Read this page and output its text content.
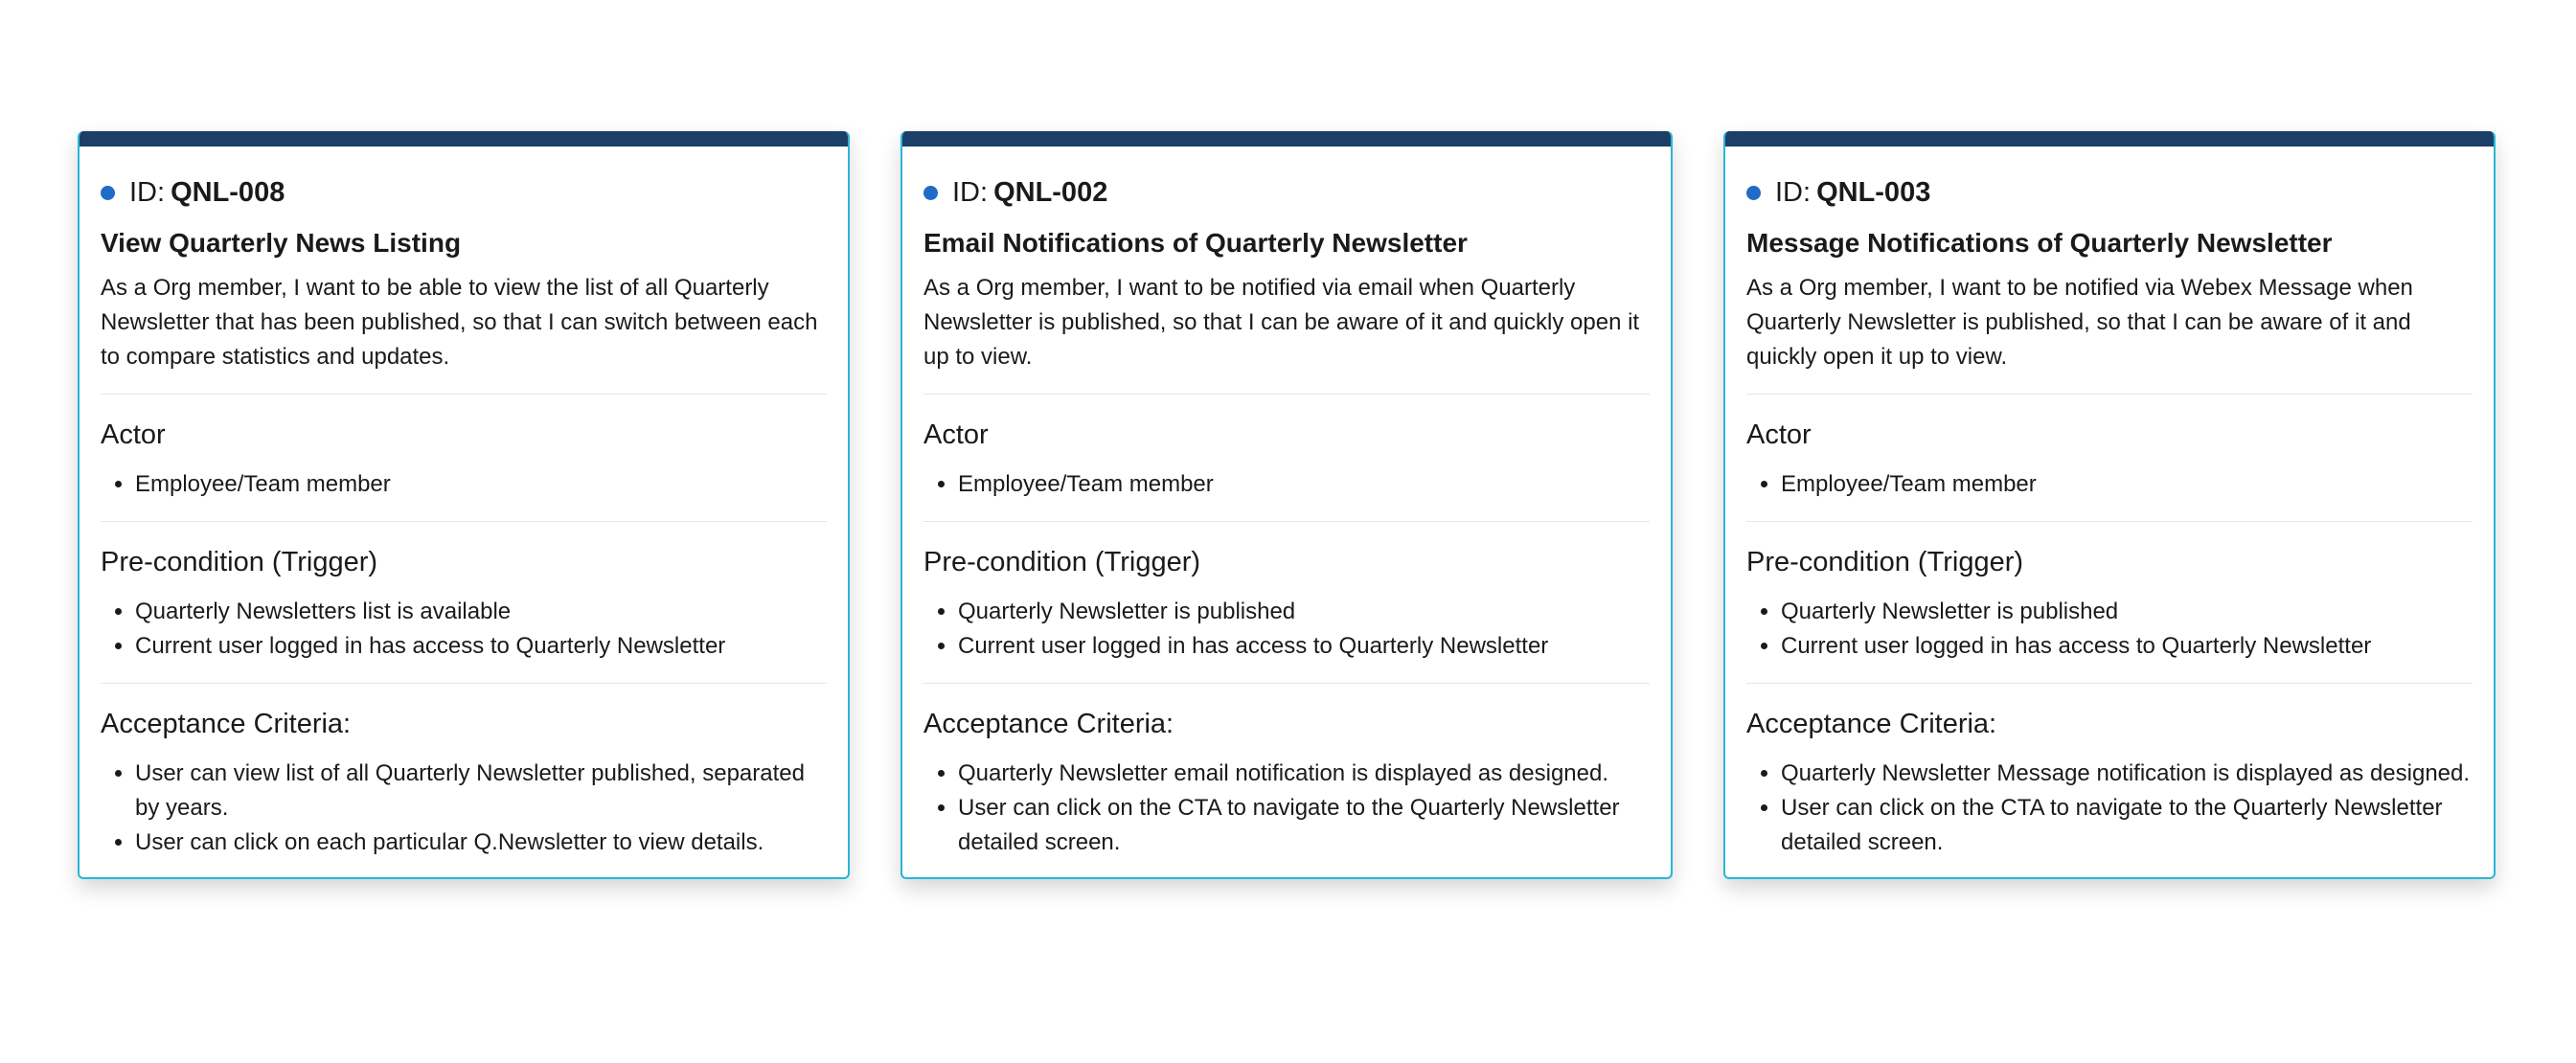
ID: QNL-008
View Quarterly News Listing

As a Org member, I want to be able to view the list of all Quarterly Newsletter that has been published, so that I can switch between each to compare statistics and updates.

Actor
• Employee/Team member
Pre-condition (Trigger)
• Quarterly Newsletters list is available
• Current user logged in has access to Quarterly Newsletter
Acceptance Criteria:
• User can view list of all Quarterly Newsletter published, separated by years.
• User can click on each particular Q.Newsletter to view details.
ID: QNL-002
Email Notifications of Quarterly Newsletter

As a Org member, I want to be notified via email when Quarterly Newsletter is published, so that I can be aware of it and quickly open it up to view.

Actor
• Employee/Team member
Pre-condition (Trigger)
• Quarterly Newsletter is published
• Current user logged in has access to Quarterly Newsletter
Acceptance Criteria:
• Quarterly Newsletter email notification is displayed as designed.
• User can click on the CTA to navigate to the Quarterly Newsletter detailed screen.
ID: QNL-003
Message Notifications of Quarterly Newsletter

As a Org member, I want to be notified via Webex Message when Quarterly Newsletter is published, so that I can be aware of it and quickly open it up to view.

Actor
• Employee/Team member
Pre-condition (Trigger)
• Quarterly Newsletter is published
• Current user logged in has access to Quarterly Newsletter
Acceptance Criteria:
• Quarterly Newsletter Message notification is displayed as designed.
• User can click on the CTA to navigate to the Quarterly Newsletter detailed screen.
